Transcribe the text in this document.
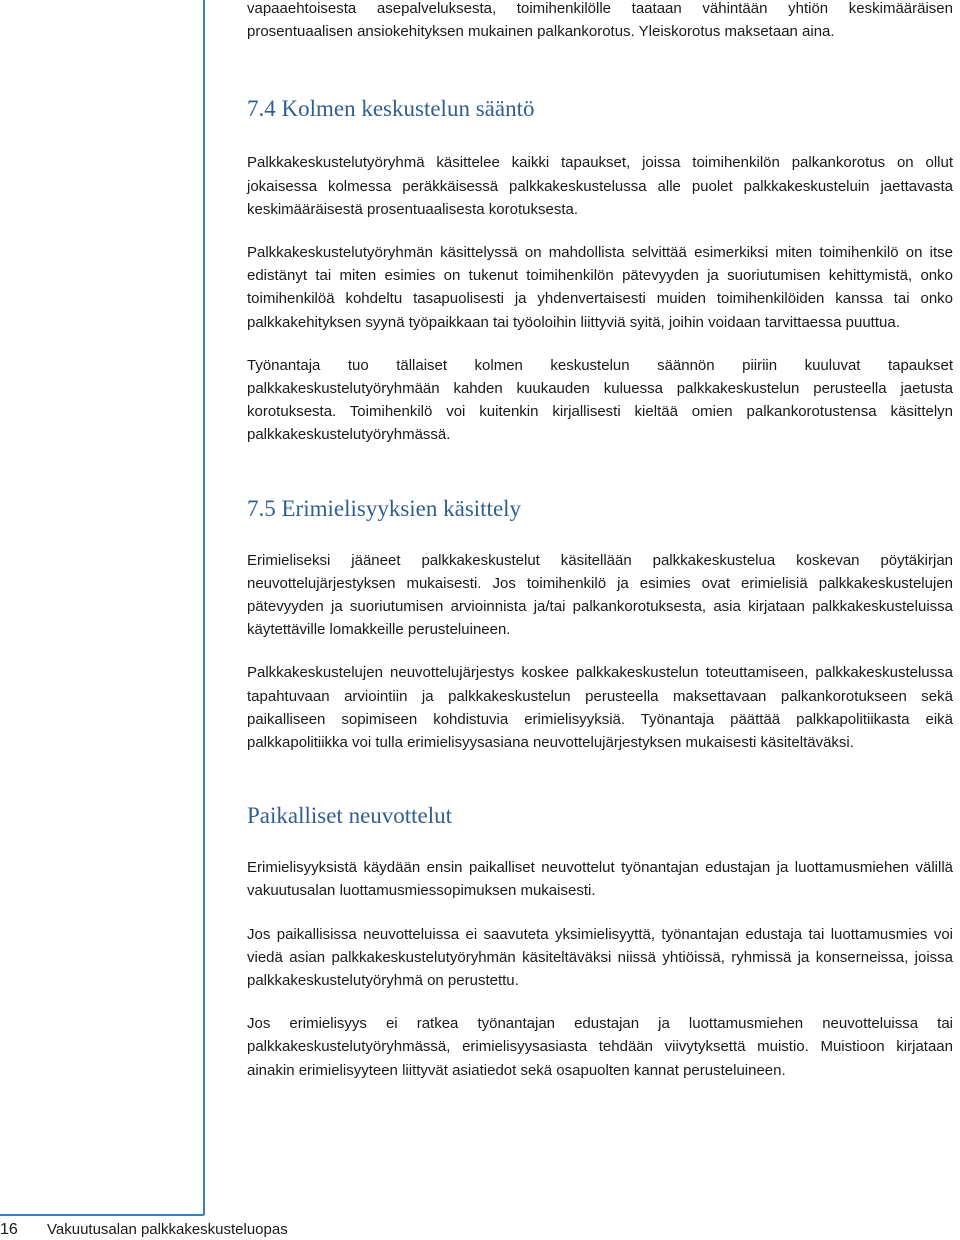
vapaaehtoisesta asepalveluksesta, toimihenkilölle taataan vähintään yhtiön keskimääräisen prosentuaalisen ansiokehityksen mukainen palkankorotus. Yleiskorotus maksetaan aina.

7.4 Kolmen keskustelun sääntö

Palkkakeskustelutyöryhmä käsittelee kaikki tapaukset, joissa toimihenkilön palkankorotus on ollut jokaisessa kolmessa peräkkäisessä palkkakeskustelussa alle puolet palkkakeskusteluin jaettavasta keskimääräisestä prosentuaalisesta korotuksesta.

Palkkakeskustelutyöryhmän käsittelyssä on mahdollista selvittää esimerkiksi miten toimihenkilö on itse edistänyt tai miten esimies on tukenut toimihenkilön pätevyyden ja suoriutumisen kehittymistä, onko toimihenkilöä kohdeltu tasapuolisesti ja yhdenvertaisesti muiden toimihenkilöiden kanssa tai onko palkkakehityksen syynä työpaikkaan tai työoloihin liittyviä syitä, joihin voidaan tarvittaessa puuttua.

Työnantaja tuo tällaiset kolmen keskustelun säännön piiriin kuuluvat tapaukset palkkakeskustelutyöryhmään kahden kuukauden kuluessa palkkakeskustelun perusteella jaetusta korotuksesta. Toimihenkilö voi kuitenkin kirjallisesti kieltää omien palkankorotustensa käsittelyn palkkakeskustelutyöryhmässä.

7.5 Erimielisyyksien käsittely

Erimieliseksi jääneet palkkakeskustelut käsitellään palkkakeskustelua koskevan pöytäkirjan neuvottelujärjestyksen mukaisesti. Jos toimihenkilö ja esimies ovat erimielisiä palkkakeskustelujen pätevyyden ja suoriutumisen arvioinnista ja/tai palkankorotuksesta, asia kirjataan palkkakeskusteluissa käytettäville lomakkeille perusteluineen.

Palkkakeskustelujen neuvottelujärjestys koskee palkkakeskustelun toteuttamiseen, palkkakeskustelussa tapahtuvaan arviointiin ja palkkakeskustelun perusteella maksettavaan palkankorotukseen sekä paikalliseen sopimiseen kohdistuvia erimielisyyksiä. Työnantaja päättää palkkapolitiikasta eikä palkkapolitiikka voi tulla erimielisyysasiana neuvottelujärjestyksen mukaisesti käsiteltäväksi.

Paikalliset neuvottelut

Erimielisyyksistä käydään ensin paikalliset neuvottelut työnantajan edustajan ja luottamusmiehen välillä vakuutusalan luottamusmiessopimuksen mukaisesti.

Jos paikallisissa neuvotteluissa ei saavuteta yksimielisyyttä, työnantajan edustaja tai luottamusmies voi viedä asian palkkakeskustelutyöryhmän käsiteltäväksi niissä yhtiöissä, ryhmissä ja konserneissa, joissa palkkakeskustelutyöryhmä on perustettu.

Jos erimielisyys ei ratkea työnantajan edustajan ja luottamusmiehen neuvotteluissa tai palkkakeskustelutyöryhmässä, erimielisyysasiasta tehdään viivytyksettä muistio. Muistioon kirjataan ainakin erimielisyyteen liittyvät asiatiedot sekä osapuolten kannat perusteluineen.

16 Vakuutusalan palkkakeskusteluopas
